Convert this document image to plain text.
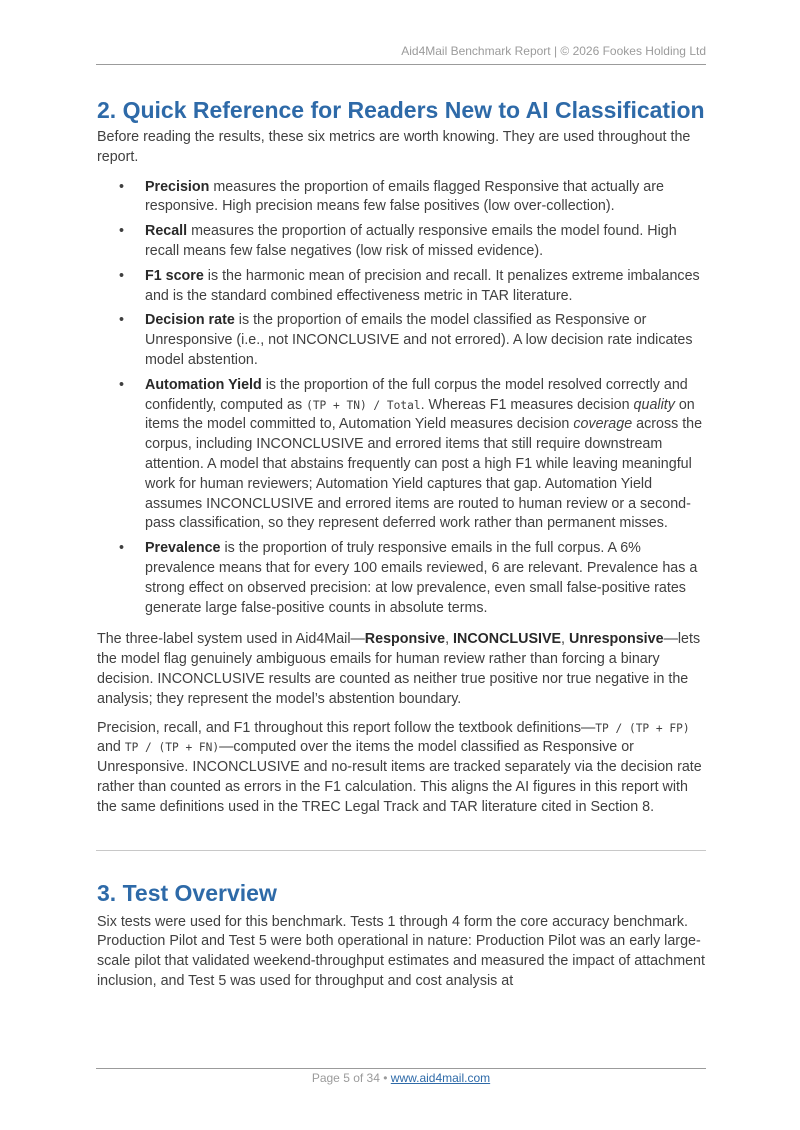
Aid4Mail Benchmark Report | © 2026 Fookes Holding Ltd
2. Quick Reference for Readers New to AI Classification

Before reading the results, these six metrics are worth knowing. They are used throughout the report.

• Precision measures the proportion of emails flagged Responsive that actually are responsive. High precision means few false positives (low over-collection).
• Recall measures the proportion of actually responsive emails the model found. High recall means few false negatives (low risk of missed evidence).
• F1 score is the harmonic mean of precision and recall. It penalizes extreme imbalances and is the standard combined effectiveness metric in TAR literature.
• Decision rate is the proportion of emails the model classified as Responsive or Unresponsive (i.e., not INCONCLUSIVE and not errored). A low decision rate indicates model abstention.
• Automation Yield is the proportion of the full corpus the model resolved correctly and confidently, computed as (TP + TN) / Total. Whereas F1 measures decision quality on items the model committed to, Automation Yield measures decision coverage across the corpus, including INCONCLUSIVE and errored items that still require downstream attention. A model that abstains frequently can post a high F1 while leaving meaningful work for human reviewers; Automation Yield captures that gap. Automation Yield assumes INCONCLUSIVE and errored items are routed to human review or a second-pass classification, so they represent deferred work rather than permanent misses.
• Prevalence is the proportion of truly responsive emails in the full corpus. A 6% prevalence means that for every 100 emails reviewed, 6 are relevant. Prevalence has a strong effect on observed precision: at low prevalence, even small false-positive rates generate large false-positive counts in absolute terms.

The three-label system used in Aid4Mail—Responsive, INCONCLUSIVE, Unresponsive—lets the model flag genuinely ambiguous emails for human review rather than forcing a binary decision. INCONCLUSIVE results are counted as neither true positive nor true negative in the analysis; they represent the model’s abstention boundary.

Precision, recall, and F1 throughout this report follow the textbook definitions—TP / (TP + FP) and TP / (TP + FN)—computed over the items the model classified as Responsive or Unresponsive. INCONCLUSIVE and no-result items are tracked separately via the decision rate rather than counted as errors in the F1 calculation. This aligns the AI figures in this report with the same definitions used in the TREC Legal Track and TAR literature cited in Section 8.

3. Test Overview

Six tests were used for this benchmark. Tests 1 through 4 form the core accuracy benchmark. Production Pilot and Test 5 were both operational in nature: Production Pilot was an early large-scale pilot that validated weekend-throughput estimates and measured the impact of attachment inclusion, and Test 5 was used for throughput and cost analysis at

Page 5 of 34 • www.aid4mail.com
